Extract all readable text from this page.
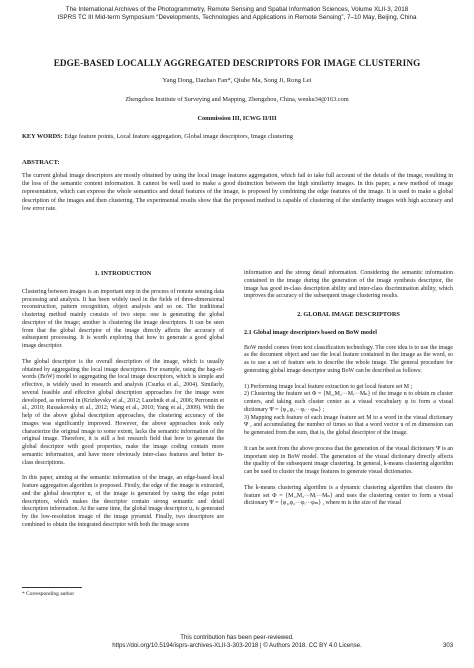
The International Archives of the Photogrammetry, Remote Sensing and Spatial Information Sciences, Volume XLII-3, 2018
ISPRS TC III Mid-term Symposium “Developments, Technologies and Applications in Remote Sensing”, 7–10 May, Beijing, China
EDGE-BASED LOCALLY AGGREGATED DESCRIPTORS FOR IMAGE CLUSTERING
Yang Dong, Dazhao Fan*, Qiuhe Ma, Song Ji, Rong Lei
Zhengzhou Institute of Surveying and Mapping, Zhengzhou, China, wenku34@163.com
Commission III, ICWG II/III
KEY WORDS: Edge feature points, Local feature aggregation, Global image descriptors, Image clustering
ABSTRACT:
The current global image descriptors are mostly obtained by using the local image features aggregation, which fail to take full account of the details of the image, resulting in the loss of the semantic content information. It cannot be well used to make a good distinction between the high similarity images. In this paper, a new method of image representation, which can express the whole semantics and detail features of the image, is proposed by combining the edge features of the image. It is used to make a global description of the images and then clustering. The experimental results show that the proposed method is capable of clustering of the similarity images with high accuracy and low error rate.
1. INTRODUCTION

Clustering between images is an important step in the process of remote sensing data processing and analysis. It has been widely used in the fields of three-dimensional reconstruction, pattern recognition, object analysis and so on. The traditional clustering method mainly consists of two steps: one is generating the global descriptor of the image; another is clustering the image descriptors. It can be seen from that the global descriptor of the image directly affects the accuracy of subsequent processing. It is worth exploring that how to generate a good global image descriptor.

The global descriptor is the overall description of the image, which is usually obtained by aggregating the local image descriptors. For example, using the bag-of-words (BoW) model to aggregating the local image descriptors, which is simple and effective, is widely used in research and analysis (Csurka et al., 2004). Similarly, several feasible and effective global description approaches for the image were developed, as referred in (Krizhevsky et al., 2012; Lazebnik et al., 2006; Perronnin et al., 2010; Russakovsky et al., 2012; Wang et al., 2010; Yang et al., 2009). With the help of the above global description approaches, the clustering accuracy of the images was significantly improved. However, the above approaches took only characterize the original image to some extent, lacks the semantic information of the original image. Therefore, it is still a hot research field that how to generate the global descriptor with good properties, make the image coding contain more semantic information, and have more obviously inter-class features and better in-class descriptions.

In this paper, aiming at the semantic information of the image, an edge-based local feature aggregation algorithm is proposed. Firstly, the edge of the image is extracted, and the global descriptor u₁ of the image is generated by using the edge point descriptors, which makes the descriptor contain strong semantic and detail description information. At the same time, the global image descriptor u₂ is generated by the low-resolution image of the image pyramid. Finally, two descriptors are combined to obtain the integrated descriptor with both the image scene

information and the strong detail information. Considering the semantic information contained in the image during the generation of the image synthesis descriptor, the image has good in-class description ability and inter-class discrimination ability, which improves the accuracy of the subsequent image clustering results.

2. GLOBAL IMAGE DESCRIPTORS
2.1 Global image descriptors based on BoW model

BoW model comes from text classification technology. The core idea is to use the image as the document object and use the local feature contained in the image as the word, so as to use a set of feature sets to describe the whole image. The general procedure for generating global image descriptor using BoW can be described as follows:

1) Performing image local feature extraction to get local feature set M ;

2) Clustering the feature set Φ = {M₁,M₂···Mᵢ···Mₙ} of the image n to obtain m cluster centers, and taking each cluster center as a visual vocabulary φ to form a visual dictionary Ψ = {φ₁,φ₂···φᵢ···φₘ} ;

3) Mapping each feature of each image feature set M to a word in the visual dictionary Ψ , and accumulating the number of times so that a word vector u of m dimension can be generated from the sum, that is, the global descriptor of the image.

It can be seen from the above process that the generation of the visual dictionary Ψ is an important step in BoW model. The generation of the visual dictionary directly affects the quality of the subsequent image clustering. In general, k-means clustering algorithm can be used to cluster the image features to generate visual dictionaries.

The k-means clustering algorithm is a dynamic clustering algorithm that clusters the feature set Φ = {M₁,M₂···Mᵢ···Mₙ} and uses the clustering center to form a visual dictionary Ψ = {φ₁,φ₂···φᵢ···φₘ} , where m is the size of the visual

* Corresponding author
This contribution has been peer-reviewed.
https://doi.org/10.5194/isprs-archives-XLII-3-303-2018 | © Authors 2018. CC BY 4.0 License.	303
